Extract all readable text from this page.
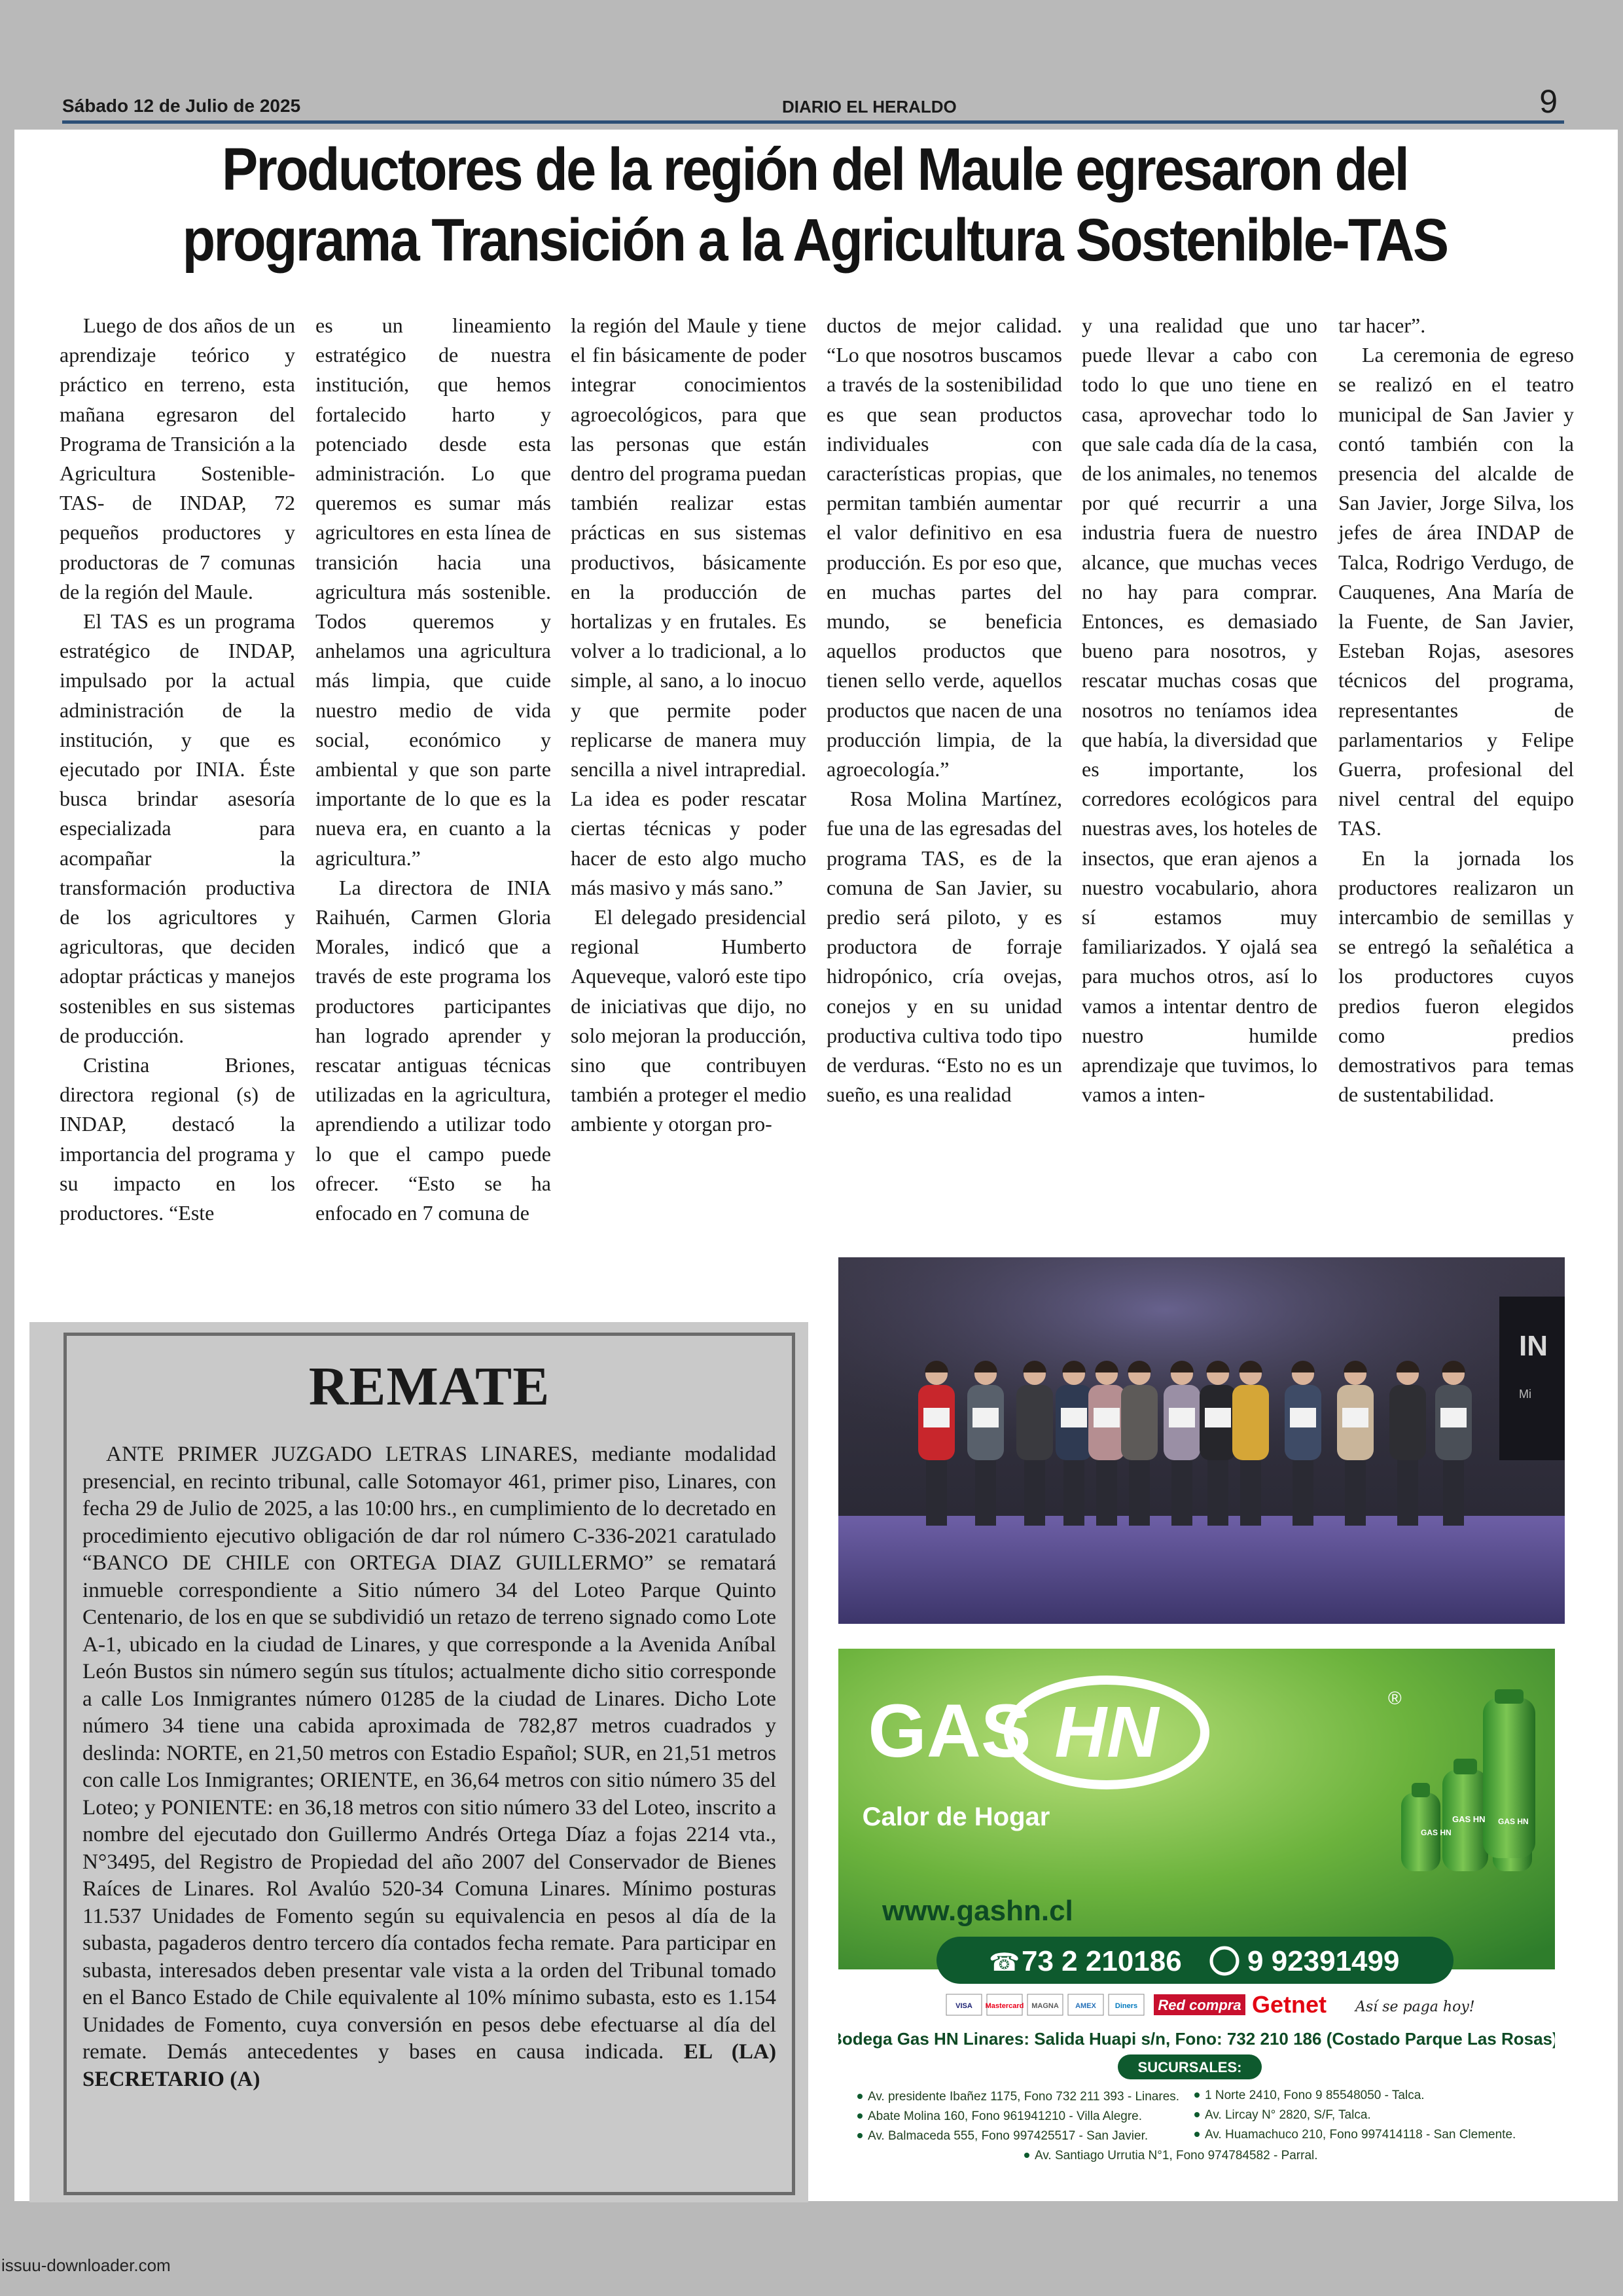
Sábado 12 de Julio de 2025	DIARIO EL HERALDO	9
Productores de la región del Maule egresaron del
programa Transición a la Agricultura Sostenible-TAS

Luego de dos años de un aprendizaje teórico y práctico en terreno, esta mañana egresaron del Programa de Transición a la Agricultura Sostenible-TAS- de INDAP, 72 pequeños productores y productoras de 7 comunas de la región del Maule.

El TAS es un programa estratégico de INDAP, impulsado por la actual administración de la institución, y que es ejecutado por INIA. Éste busca brindar asesoría especializada para acompañar la transformación productiva de los agricultores y agricultoras, que deciden adoptar prácticas y manejos sostenibles en sus sistemas de producción.

Cristina Briones, directora regional (s) de INDAP, destacó la importancia del programa y su impacto en los productores. “Este

es un lineamiento estratégico de nuestra institución, que hemos fortalecido harto y potenciado desde esta administración. Lo que queremos es sumar más agricultores en esta línea de transición hacia una agricultura más sostenible. Todos queremos y anhelamos una agricultura más limpia, que cuide nuestro medio de vida social, económico y ambiental y que son parte importante de lo que es la nueva era, en cuanto a la agricultura.”

La directora de INIA Raihuén, Carmen Gloria Morales, indicó que a través de este programa los productores participantes han logrado aprender y rescatar antiguas técnicas utilizadas en la agricultura, aprendiendo a utilizar todo lo que el campo puede ofrecer. “Esto se ha enfocado en 7 comuna de

la región del Maule y tiene el fin básicamente de poder integrar conocimientos agroecológicos, para que las personas que están dentro del programa puedan también realizar estas prácticas en sus sistemas productivos, básicamente en la producción de hortalizas y en frutales. Es volver a lo tradicional, a lo simple, al sano, a lo inocuo y que permite poder replicarse de manera muy sencilla a nivel intrapredial. La idea es poder rescatar ciertas técnicas y poder hacer de esto algo mucho más masivo y más sano.”

El delegado presidencial regional Humberto Aqueveque, valoró este tipo de iniciativas que dijo, no solo mejoran la producción, sino que contribuyen también a proteger el medio ambiente y otorgan pro-

ductos de mejor calidad. “Lo que nosotros buscamos a través de la sostenibilidad es que sean productos individuales con características propias, que permitan también aumentar el valor definitivo en esa producción. Es por eso que, en muchas partes del mundo, se beneficia aquellos productos que tienen sello verde, aquellos productos que nacen de una producción limpia, de la agroecología.”

Rosa Molina Martínez, fue una de las egresadas del programa TAS, es de la comuna de San Javier, su predio será piloto, y es productora de forraje hidropónico, cría ovejas, conejos y en su unidad productiva cultiva todo tipo de verduras. “Esto no es un sueño, es una realidad

y una realidad que uno puede llevar a cabo con todo lo que uno tiene en casa, aprovechar todo lo que sale cada día de la casa, de los animales, no tenemos por qué recurrir a una industria fuera de nuestro alcance, que muchas veces no hay para comprar. Entonces, es demasiado bueno para nosotros, y rescatar muchas cosas que nosotros no teníamos idea que había, la diversidad que es importante, los corredores ecológicos para nuestras aves, los hoteles de insectos, que eran ajenos a nuestro vocabulario, ahora sí estamos muy familiarizados. Y ojalá sea para muchos otros, así lo vamos a intentar dentro de nuestro humilde aprendizaje que tuvimos, lo vamos a inten-

tar hacer”.

La ceremonia de egreso se realizó en el teatro municipal de San Javier y contó también con la presencia del alcalde de San Javier, Jorge Silva, los jefes de área INDAP de Talca, Rodrigo Verdugo, de Cauquenes, Ana María de la Fuente, de San Javier, Esteban Rojas, asesores técnicos del programa, representantes de parlamentarios y Felipe Guerra, profesional del nivel central del equipo TAS.

En la jornada los productores realizaron un intercambio de semillas y se entregó la señalética a los productores cuyos predios fueron elegidos como predios demostrativos para temas de sustentabilidad.

REMATE
ANTE PRIMER JUZGADO LETRAS LINARES, mediante modalidad presencial, en recinto tribunal, calle Sotomayor 461, primer piso, Linares, con fecha 29 de Julio de 2025, a las 10:00 hrs., en cumplimiento de lo decretado en procedimiento ejecutivo obligación de dar rol número C-336-2021 caratulado “BANCO DE CHILE con ORTEGA DIAZ GUILLERMO” se rematará inmueble correspondiente a Sitio número 34 del Loteo Parque Quinto Centenario, de los en que se subdividió un retazo de terreno signado como Lote A-1, ubicado en la ciudad de Linares, y que corresponde a la Avenida Aníbal León Bustos sin número según sus títulos; actualmente dicho sitio corresponde a calle Los Inmigrantes número 01285 de la ciudad de Linares. Dicho Lote número 34 tiene una cabida aproximada de 782,87 metros cuadrados y deslinda: NORTE, en 21,50 metros con Estadio Español; SUR, en 21,51 metros con calle Los Inmigrantes; ORIENTE, en 36,64 metros con sitio número 35 del Loteo; y PONIENTE: en 36,18 metros con sitio número 33 del Loteo, inscrito a nombre del ejecutado don Guillermo Andrés Ortega Díaz a fojas 2214 vta., N°3495, del Registro de Propiedad del año 2007 del Conservador de Bienes Raíces de Linares. Rol Avalúo 520-34 Comuna Linares. Mínimo posturas 11.537 Unidades de Fomento según su equivalencia en pesos al día de la subasta, pagaderos dentro tercero día contados fecha remate. Para participar en subasta, interesados deben presentar vale vista a la orden del Tribunal tomado en el Banco Estado de Chile equivalente al 10% mínimo subasta, esto es 1.154 Unidades de Fomento, cuya conversión en pesos debe efectuarse al día del remate. Demás antecedentes y bases en causa indicada. EL (LA) SECRETARIO (A)
IN
Mi
GAS HN	®
Calor de Hogar
www.gashn.cl
GAS HN
GAS HN GAS HN
☎ 73 2 210186 9 92391499
VISA Mastercard MAGNA AMEX	Diners Red compra Getnet Así se paga hoy!
Bodega Gas HN Linares: Salida Huapi s/n, Fono: 732 210 186 (Costado Parque Las Rosas).
SUCURSALES:
Av. presidente Ibañez 1175, Fono 732 211 393 - Linares.
Abate Molina 160, Fono 961941210 - Villa Alegre.
Av. Balmaceda 555, Fono 997425517 - San Javier.
1 Norte 2410, Fono 9 85548050 - Talca.
Av. Lircay N° 2820, S/F, Talca.
Av. Huamachuco 210, Fono 997414118 - San Clemente.
Av. Santiago Urrutia N°1, Fono 974784582 - Parral.
issuu-downloader.com
